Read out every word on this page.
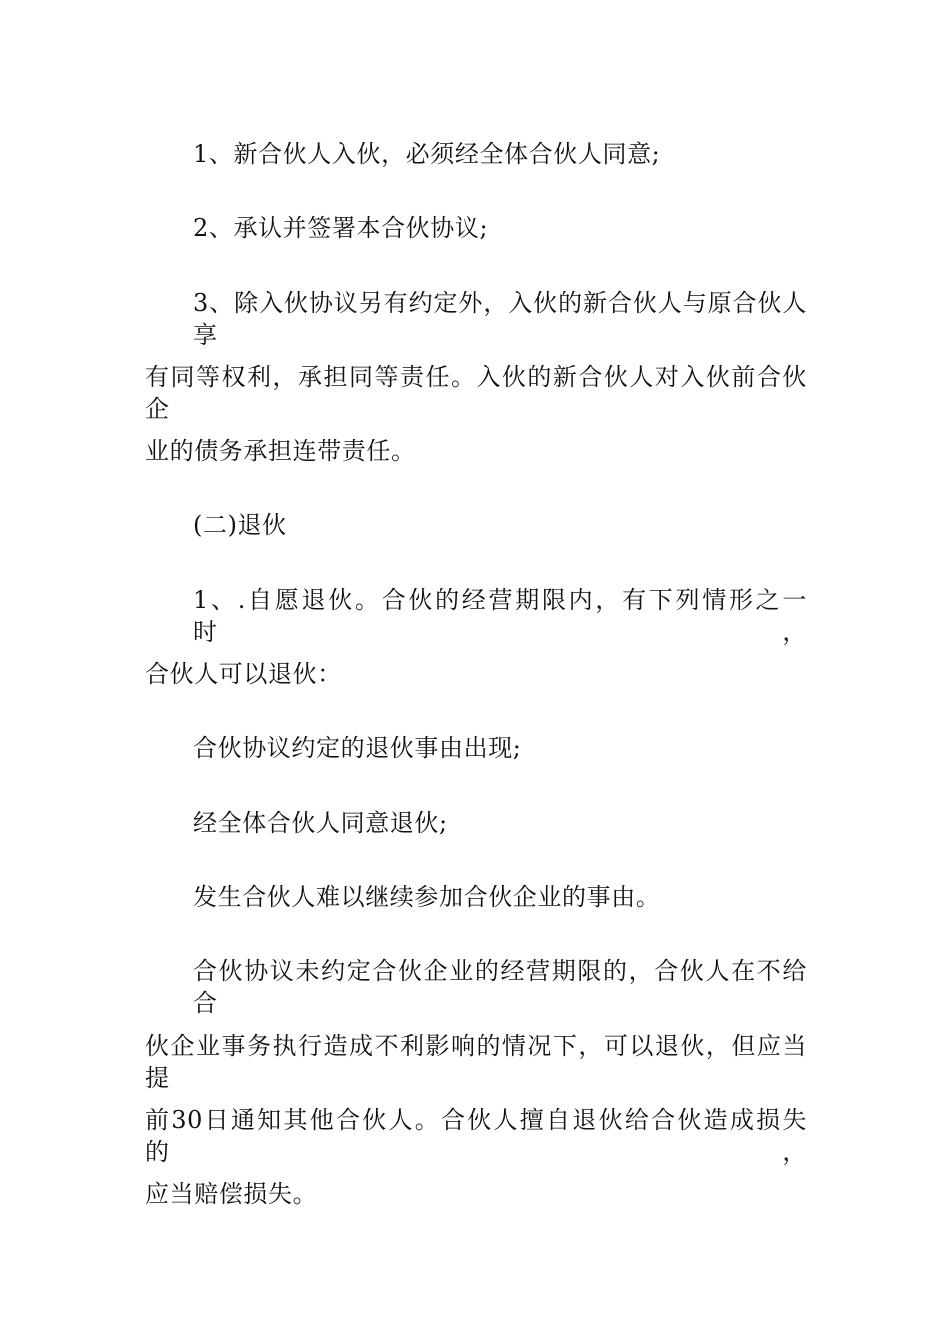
1、新合伙人入伙，必须经全体合伙人同意;
2、承认并签署本合伙协议;
3、除入伙协议另有约定外，入伙的新合伙人与原合伙人享
有同等权利，承担同等责任。入伙的新合伙人对入伙前合伙企
业的债务承担连带责任。
(二)退伙
1、.自愿退伙。合伙的经营期限内，有下列情形之一时，
合伙人可以退伙：
合伙协议约定的退伙事由出现;
经全体合伙人同意退伙;
发生合伙人难以继续参加合伙企业的事由。
合伙协议未约定合伙企业的经营期限的，合伙人在不给合
伙企业事务执行造成不利影响的情况下，可以退伙，但应当提
前30日通知其他合伙人。合伙人擅自退伙给合伙造成损失的，
应当赔偿损失。
